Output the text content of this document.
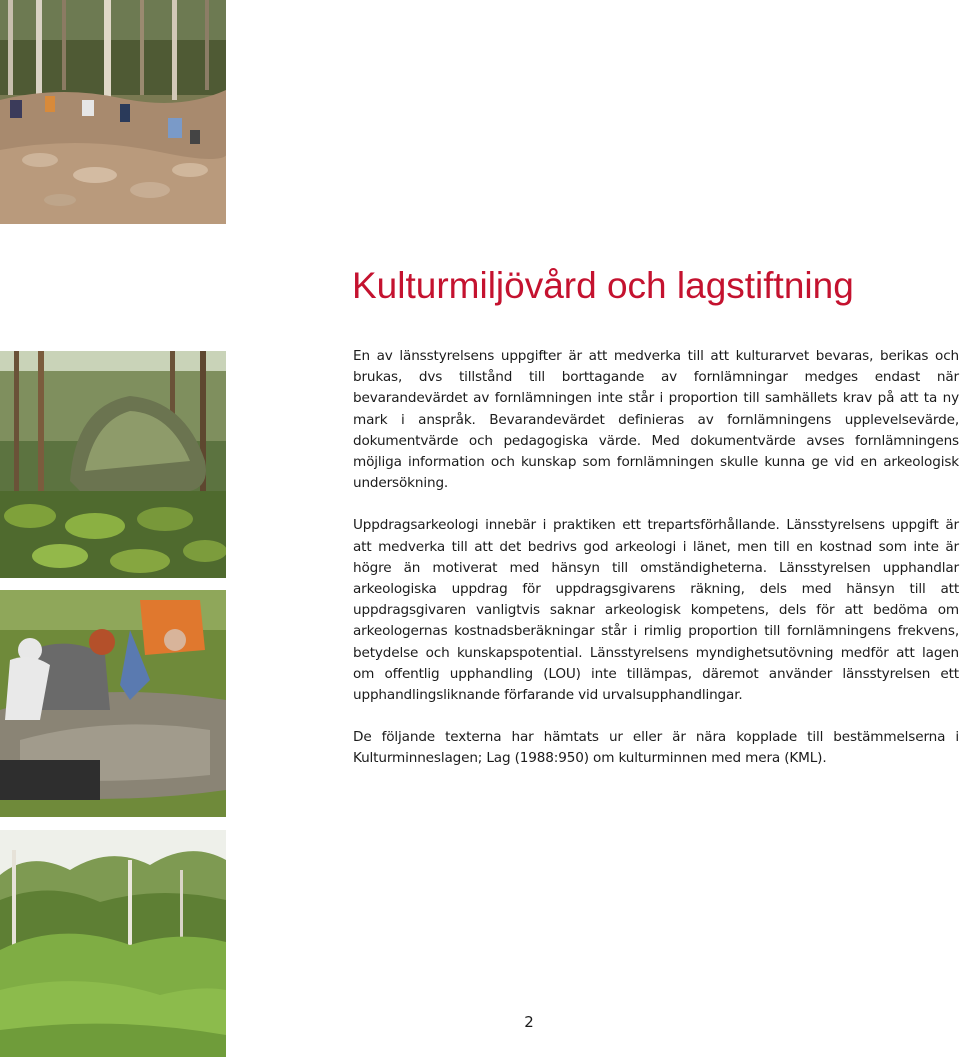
Kulturmiljövård och lagstiftning

En av länsstyrelsens uppgifter är att medverka till att kulturarvet bevaras, berikas och brukas, dvs tillstånd till borttagande av fornlämningar medges endast när bevarandevärdet av fornlämningen inte står i proportion till samhällets krav på att ta ny mark i anspråk. Bevarandevärdet definieras av fornlämningens upplevelsevärde, dokumentvärde och pedagogiska värde. Med dokumentvärde avses fornlämningens möjliga information och kunskap som fornlämningen skulle kunna ge vid en arkeologisk undersökning.

Uppdragsarkeologi innebär i praktiken ett trepartsförhållande. Länsstyrelsens uppgift är att medverka till att det bedrivs god arkeologi i länet, men till en kostnad som inte är högre än motiverat med hänsyn till omständigheterna. Länsstyrelsen upphandlar arkeologiska uppdrag för uppdragsgivarens räkning, dels med hänsyn till att uppdragsgivaren vanligtvis saknar arkeologisk kompetens, dels för att bedöma om arkeologernas kostnadsberäkningar står i rimlig proportion till fornlämningens frekvens, betydelse och kunskapspotential. Länsstyrelsens myndighetsutövning medför att lagen om offentlig upphandling (LOU) inte tillämpas, däremot använder länsstyrelsen ett upphandlingsliknande förfarande vid urvalsupphandlingar.

De följande texterna har hämtats ur eller är nära kopplade till bestämmelserna i Kulturminneslagen; Lag (1988:950) om kulturminnen med mera (KML).

2
